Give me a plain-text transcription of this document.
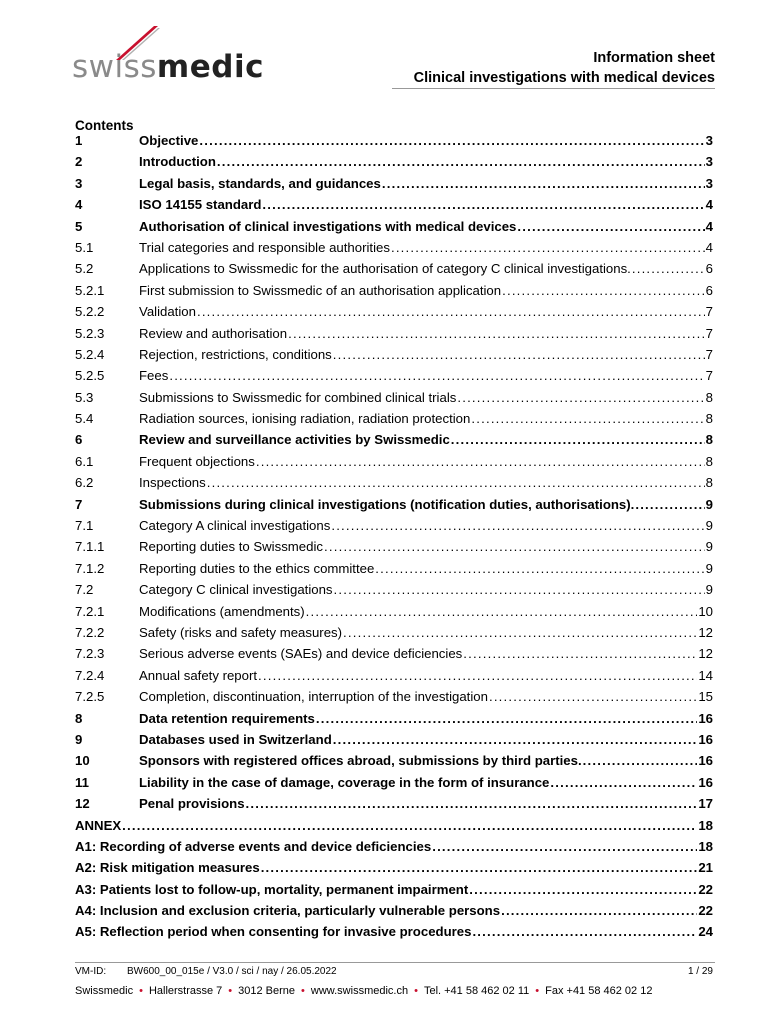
swissmedic	Information sheet
Clinical investigations with medical devices
Contents
1	Objective .....	3
2	Introduction .....	3
3	Legal basis, standards, and guidances .....	3
4	ISO 14155 standard .....	4
5	Authorisation of clinical investigations with medical devices .....	4
5.1	Trial categories and responsible authorities .....	4
5.2	Applications to Swissmedic for the authorisation of category C clinical investigations. .....	6
5.2.1	First submission to Swissmedic of an authorisation application .....	6
5.2.2	Validation .....	7
5.2.3	Review and authorisation .....	7
5.2.4	Rejection, restrictions, conditions .....	7
5.2.5	Fees .....	7
5.3	Submissions to Swissmedic for combined clinical trials .....	8
5.4	Radiation sources, ionising radiation, radiation protection .....	8
6	Review and surveillance activities by Swissmedic .....	8
6.1	Frequent objections .....	8
6.2	Inspections .....	8
7	Submissions during clinical investigations (notification duties, authorisations). .....	9
7.1	Category A clinical investigations .....	9
7.1.1	Reporting duties to Swissmedic .....	9
7.1.2	Reporting duties to the ethics committee .....	9
7.2	Category C clinical investigations .....	9
7.2.1	Modifications (amendments) .....	10
7.2.2	Safety (risks and safety measures) .....	12
7.2.3	Serious adverse events (SAEs) and device deficiencies .....	12
7.2.4	Annual safety report .....	14
7.2.5	Completion, discontinuation, interruption of the investigation .....	15
8	Data retention requirements .....	16
9	Databases used in Switzerland .....	16
10	Sponsors with registered offices abroad, submissions by third parties. .....	16
11	Liability in the case of damage, coverage in the form of insurance .....	16
12	Penal provisions .....	17
ANNEX .....	18
A1: Recording of adverse events and device deficiencies .....	18
A2: Risk mitigation measures .....	21
A3: Patients lost to follow-up, mortality, permanent impairment .....	22
A4: Inclusion and exclusion criteria, particularly vulnerable persons .....	22
A5: Reflection period when consenting for invasive procedures .....	24
VM-ID:	BW600_00_015e / V3.0 / sci / nay / 26.05.2022	1 / 29
Swissmedic • Hallerstrasse 7 • 3012 Berne • www.swissmedic.ch • Tel. +41 58 462 02 11 • Fax +41 58 462 02 12
